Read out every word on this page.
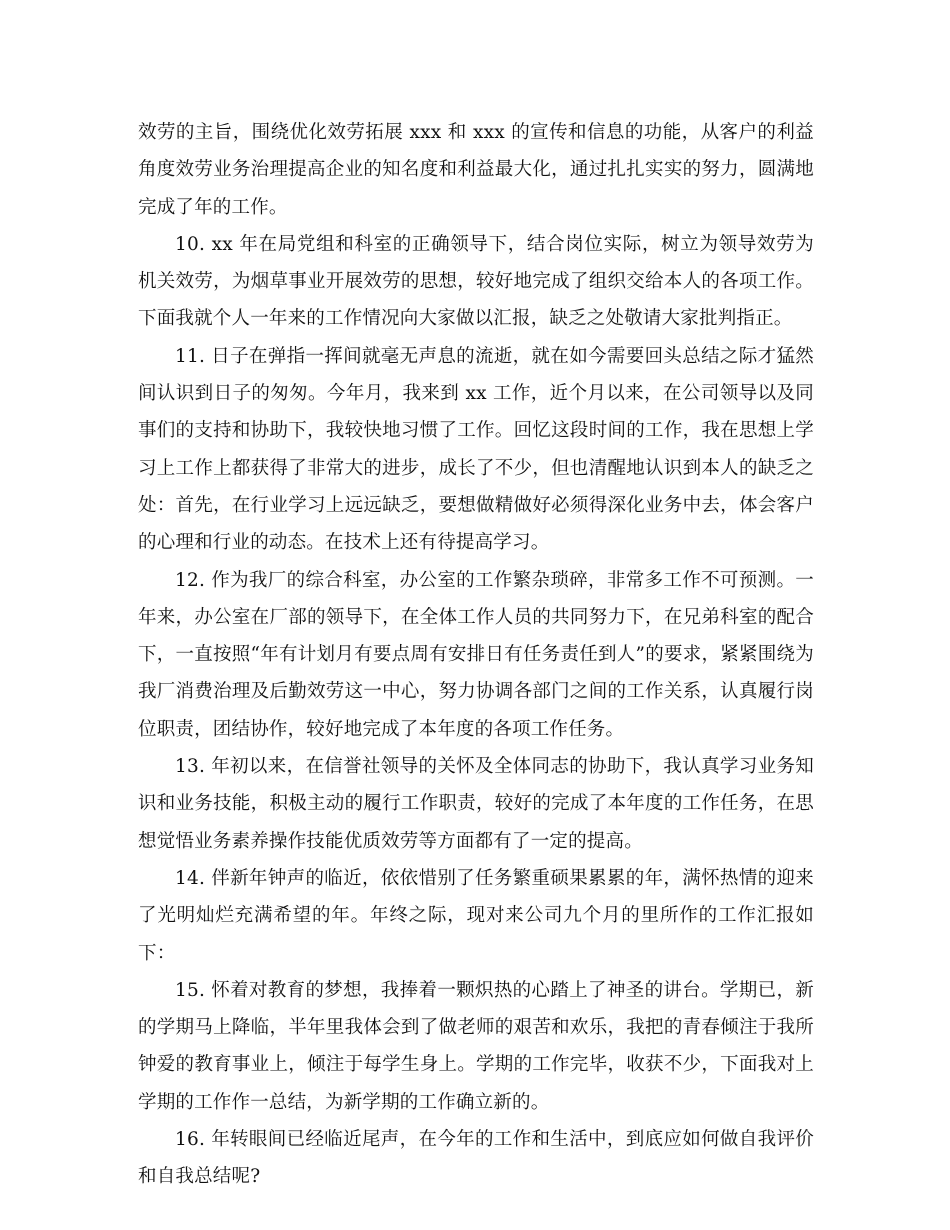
效劳的主旨，围绕优化效劳拓展 xxx 和 xxx 的宣传和信息的功能，从客户的利益角度效劳业务治理提高企业的知名度和利益最大化，通过扎扎实实的努力，圆满地完成了年的工作。

10. xx 年在局党组和科室的正确领导下，结合岗位实际，树立为领导效劳为机关效劳，为烟草事业开展效劳的思想，较好地完成了组织交给本人的各项工作。下面我就个人一年来的工作情况向大家做以汇报，缺乏之处敬请大家批判指正。

11. 日子在弹指一挥间就毫无声息的流逝，就在如今需要回头总结之际才猛然间认识到日子的匆匆。今年月，我来到 xx 工作，近个月以来，在公司领导以及同事们的支持和协助下，我较快地习惯了工作。回忆这段时间的工作，我在思想上学习上工作上都获得了非常大的进步，成长了不少，但也清醒地认识到本人的缺乏之处：首先，在行业学习上远远缺乏，要想做精做好必须得深化业务中去，体会客户的心理和行业的动态。在技术上还有待提高学习。

12. 作为我厂的综合科室，办公室的工作繁杂琐碎，非常多工作不可预测。一年来，办公室在厂部的领导下，在全体工作人员的共同努力下，在兄弟科室的配合下，一直按照“年有计划月有要点周有安排日有任务责任到人”的要求，紧紧围绕为我厂消费治理及后勤效劳这一中心，努力协调各部门之间的工作关系，认真履行岗位职责，团结协作，较好地完成了本年度的各项工作任务。

13. 年初以来，在信誉社领导的关怀及全体同志的协助下，我认真学习业务知识和业务技能，积极主动的履行工作职责，较好的完成了本年度的工作任务，在思想觉悟业务素养操作技能优质效劳等方面都有了一定的提高。

14. 伴新年钟声的临近，依依惜别了任务繁重硕果累累的年，满怀热情的迎来了光明灿烂充满希望的年。年终之际，现对来公司九个月的里所作的工作汇报如下：

15. 怀着对教育的梦想，我捧着一颗炽热的心踏上了神圣的讲台。学期已，新的学期马上降临，半年里我体会到了做老师的艰苦和欢乐，我把的青春倾注于我所钟爱的教育事业上，倾注于每学生身上。学期的工作完毕，收获不少，下面我对上学期的工作作一总结，为新学期的工作确立新的。

16. 年转眼间已经临近尾声，在今年的工作和生活中，到底应如何做自我评价和自我总结呢?
